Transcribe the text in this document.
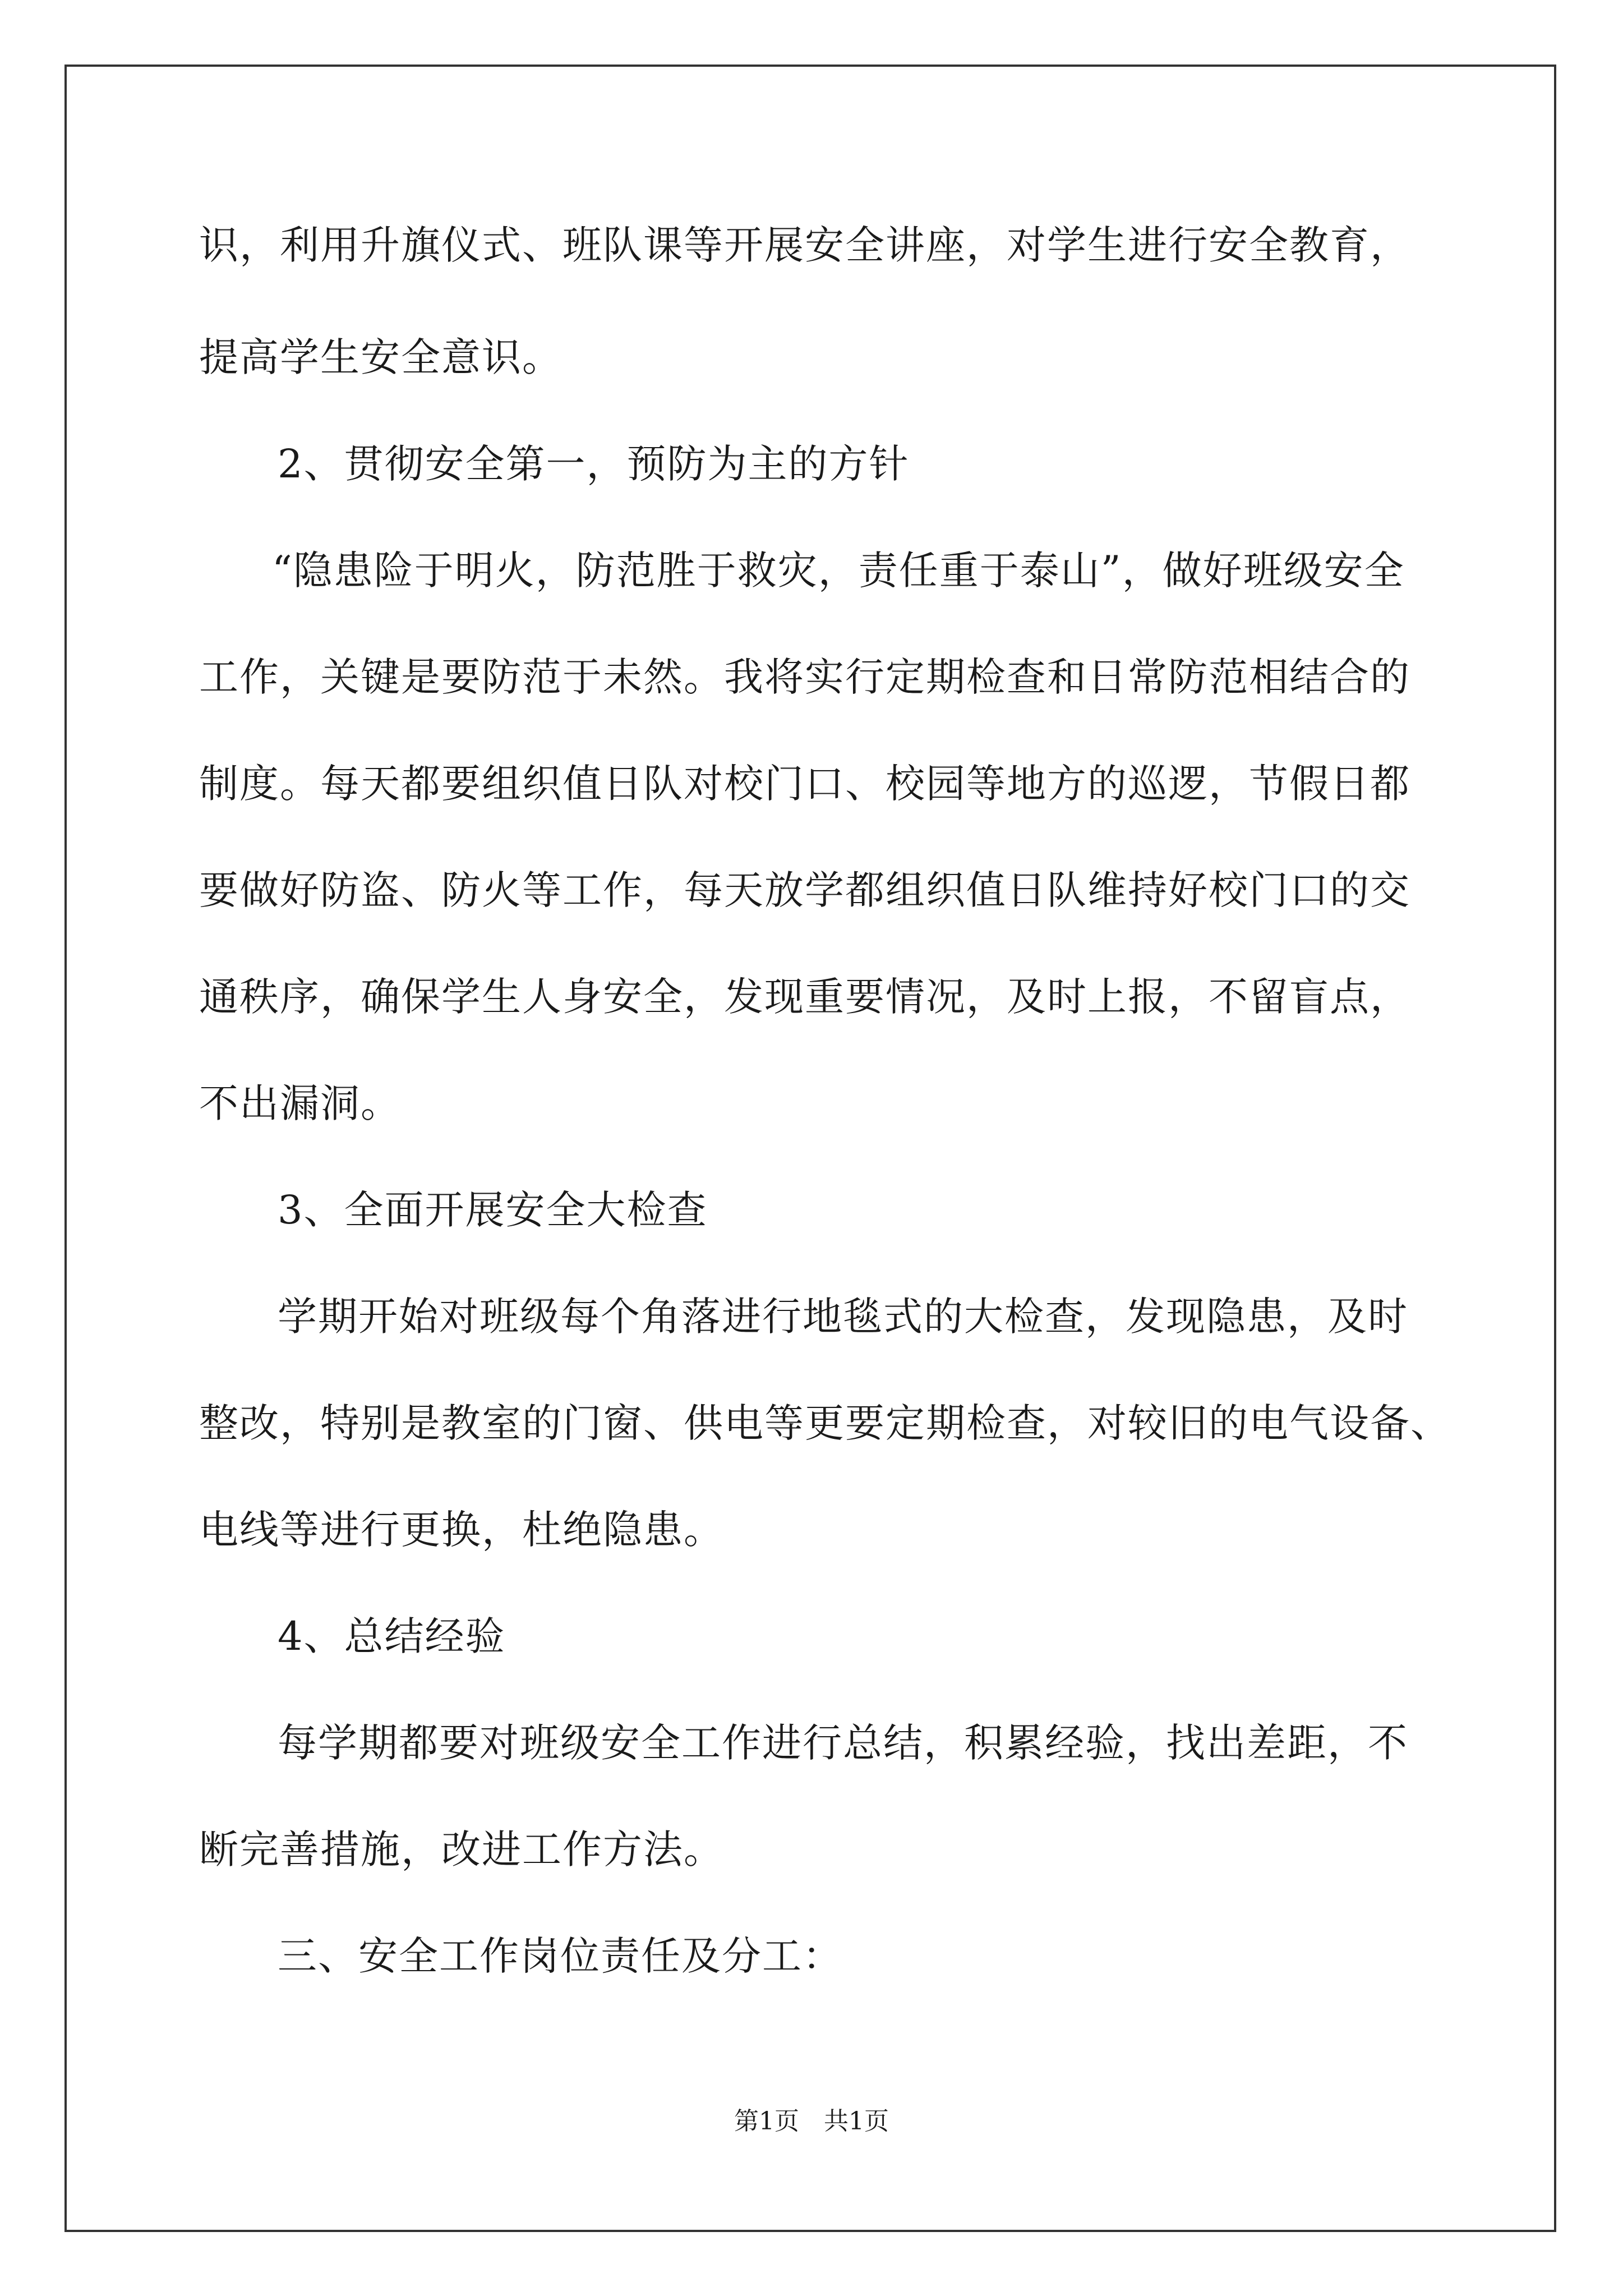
识，利用升旗仪式、班队课等开展安全讲座，对学生进行安全教育，
提高学生安全意识。
2、贯彻安全第一，预防为主的方针
“隐患险于明火，防范胜于救灾，责任重于泰山”，做好班级安全
工作，关键是要防范于未然。我将实行定期检查和日常防范相结合的
制度。每天都要组织值日队对校门口、校园等地方的巡逻，节假日都
要做好防盗、防火等工作，每天放学都组织值日队维持好校门口的交
通秩序，确保学生人身安全，发现重要情况，及时上报，不留盲点，
不出漏洞。
3、全面开展安全大检查
学期开始对班级每个角落进行地毯式的大检查，发现隐患，及时
整改，特别是教室的门窗、供电等更要定期检查，对较旧的电气设备、
电线等进行更换，杜绝隐患。
4、总结经验
每学期都要对班级安全工作进行总结，积累经验，找出差距，不
断完善措施，改进工作方法。
三、安全工作岗位责任及分工：
第1页　共1页
